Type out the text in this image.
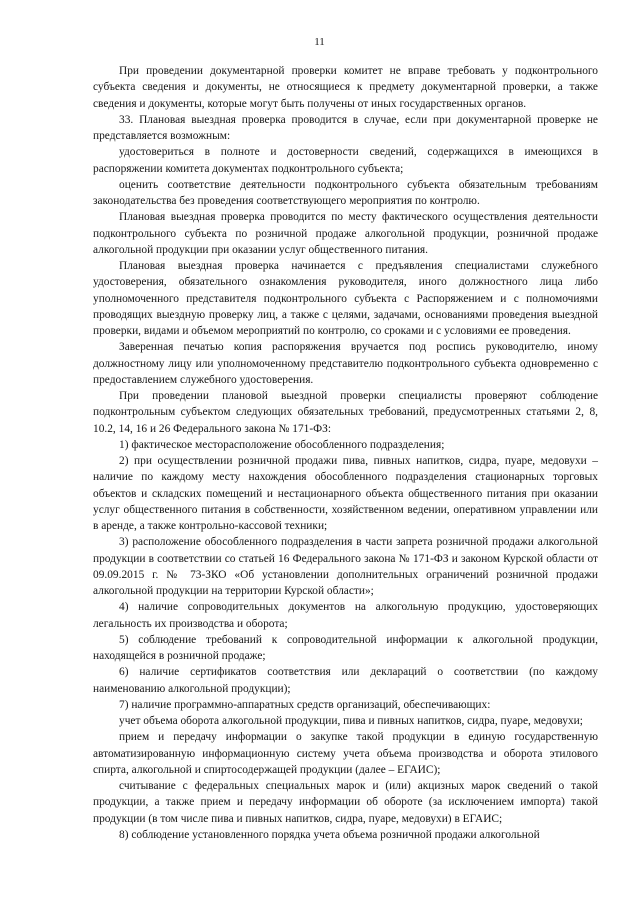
11

При проведении документарной проверки комитет не вправе требовать у подконтрольного субъекта сведения и документы, не относящиеся к предмету документарной проверки, а также сведения и документы, которые могут быть получены от иных государственных органов.

33. Плановая выездная проверка проводится в случае, если при документарной проверке не представляется возможным:

удостовериться в полноте и достоверности сведений, содержащихся в имеющихся в распоряжении комитета документах подконтрольного субъекта;

оценить соответствие деятельности подконтрольного субъекта обязательным требованиям законодательства без проведения соответствующего мероприятия по контролю.

Плановая выездная проверка проводится по месту фактического осуществления деятельности подконтрольного субъекта по розничной продаже алкогольной продукции, розничной продаже алкогольной продукции при оказании услуг общественного питания.

Плановая выездная проверка начинается с предъявления специалистами служебного удостоверения, обязательного ознакомления руководителя, иного должностного лица либо уполномоченного представителя подконтрольного субъекта с Распоряжением и с полномочиями проводящих выездную проверку лиц, а также с целями, задачами, основаниями проведения выездной проверки, видами и объемом мероприятий по контролю, со сроками и с условиями ее проведения.

Заверенная печатью копия распоряжения вручается под роспись руководителю, иному должностному лицу или уполномоченному представителю подконтрольного субъекта одновременно с предоставлением служебного удостоверения.

При проведении плановой выездной проверки специалисты проверяют соблюдение подконтрольным субъектом следующих обязательных требований, предусмотренных статьями 2, 8, 10.2, 14, 16 и 26 Федерального закона № 171-ФЗ:

1) фактическое месторасположение обособленного подразделения;

2) при осуществлении розничной продажи пива, пивных напитков, сидра, пуаре, медовухи – наличие по каждому месту нахождения обособленного подразделения стационарных торговых объектов и складских помещений и нестационарного объекта общественного питания при оказании услуг общественного питания в собственности, хозяйственном ведении, оперативном управлении или в аренде, а также контрольно-кассовой техники;

3) расположение обособленного подразделения в части запрета розничной продажи алкогольной продукции в соответствии со статьей 16 Федерального закона № 171-ФЗ и законом Курской области от 09.09.2015 г. № 73-ЗКО «Об установлении дополнительных ограничений розничной продажи алкогольной продукции на территории Курской области»;

4) наличие сопроводительных документов на алкогольную продукцию, удостоверяющих легальность их производства и оборота;

5) соблюдение требований к сопроводительной информации к алкогольной продукции, находящейся в розничной продаже;

6) наличие сертификатов соответствия или деклараций о соответствии (по каждому наименованию алкогольной продукции);

7) наличие программно-аппаратных средств организаций, обеспечивающих:

учет объема оборота алкогольной продукции, пива и пивных напитков, сидра, пуаре, медовухи;

прием и передачу информации о закупке такой продукции в единую государственную автоматизированную информационную систему учета объема производства и оборота этилового спирта, алкогольной и спиртосодержащей продукции (далее – ЕГАИС);

считывание с федеральных специальных марок и (или) акцизных марок сведений о такой продукции, а также прием и передачу информации об обороте (за исключением импорта) такой продукции (в том числе пива и пивных напитков, сидра, пуаре, медовухи) в ЕГАИС;

8) соблюдение установленного порядка учета объема розничной продажи алкогольной
